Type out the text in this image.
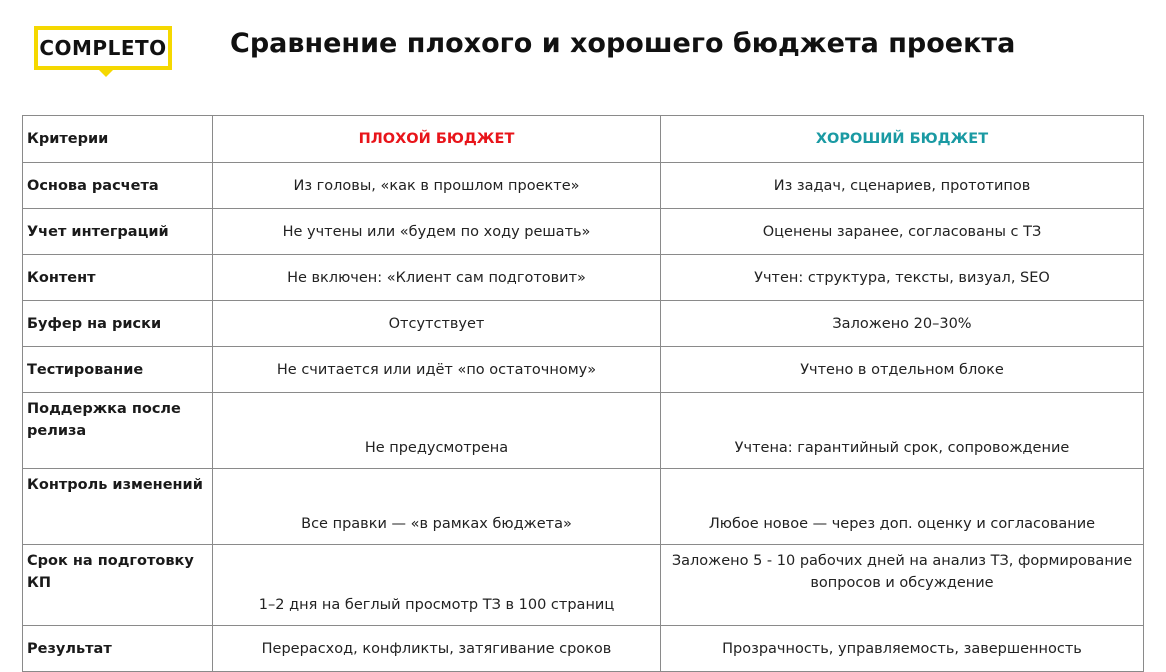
COMPLETO Сравнение плохого и хорошего бюджета проекта
Критерии	ПЛОХОЙ БЮДЖЕТ	ХОРОШИЙ БЮДЖЕТ
Основа расчета	Из головы, «как в прошлом проекте»	Из задач, сценариев, прототипов
Учет интеграций	Не учтены или «будем по ходу решать»	Оценены заранее, согласованы с ТЗ
Контент	Не включен: «Клиент сам подготовит»	Учтен: структура, тексты, визуал, SEO
Буфер на риски	Отсутствует	Заложено 20–30%
Тестирование	Не считается или идёт «по остаточному»	Учтено в отдельном блоке
Поддержка после релиза	Не предусмотрена	Учтена: гарантийный срок, сопровождение
Контроль изменений	Все правки — «в рамках бюджета»	Любое новое — через доп. оценку и согласование
Срок на подготовку КП	1–2 дня на беглый просмотр ТЗ в 100 страниц	Заложено 5 - 10 рабочих дней на анализ ТЗ, формирование вопросов и обсуждение
Результат	Перерасход, конфликты, затягивание сроков	Прозрачность, управляемость, завершенность
